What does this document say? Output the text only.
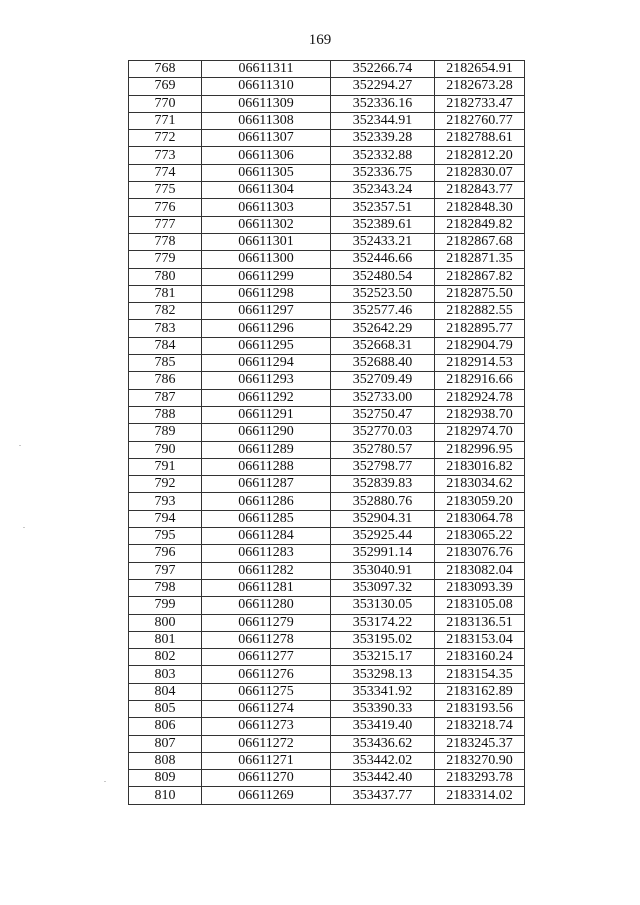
169
768	06611311	352266.74	2182654.91
769	06611310	352294.27	2182673.28
770	06611309	352336.16	2182733.47
771	06611308	352344.91	2182760.77
772	06611307	352339.28	2182788.61
773	06611306	352332.88	2182812.20
774	06611305	352336.75	2182830.07
775	06611304	352343.24	2182843.77
776	06611303	352357.51	2182848.30
777	06611302	352389.61	2182849.82
778	06611301	352433.21	2182867.68
779	06611300	352446.66	2182871.35
780	06611299	352480.54	2182867.82
781	06611298	352523.50	2182875.50
782	06611297	352577.46	2182882.55
783	06611296	352642.29	2182895.77
784	06611295	352668.31	2182904.79
785	06611294	352688.40	2182914.53
786	06611293	352709.49	2182916.66
787	06611292	352733.00	2182924.78
788	06611291	352750.47	2182938.70
789	06611290	352770.03	2182974.70
790	06611289	352780.57	2182996.95
791	06611288	352798.77	2183016.82
792	06611287	352839.83	2183034.62
793	06611286	352880.76	2183059.20
794	06611285	352904.31	2183064.78
795	06611284	352925.44	2183065.22
796	06611283	352991.14	2183076.76
797	06611282	353040.91	2183082.04
798	06611281	353097.32	2183093.39
799	06611280	353130.05	2183105.08
800	06611279	353174.22	2183136.51
801	06611278	353195.02	2183153.04
802	06611277	353215.17	2183160.24
803	06611276	353298.13	2183154.35
804	06611275	353341.92	2183162.89
805	06611274	353390.33	2183193.56
806	06611273	353419.40	2183218.74
807	06611272	353436.62	2183245.37
808	06611271	353442.02	2183270.90
809	06611270	353442.40	2183293.78
810	06611269	353437.77	2183314.02
